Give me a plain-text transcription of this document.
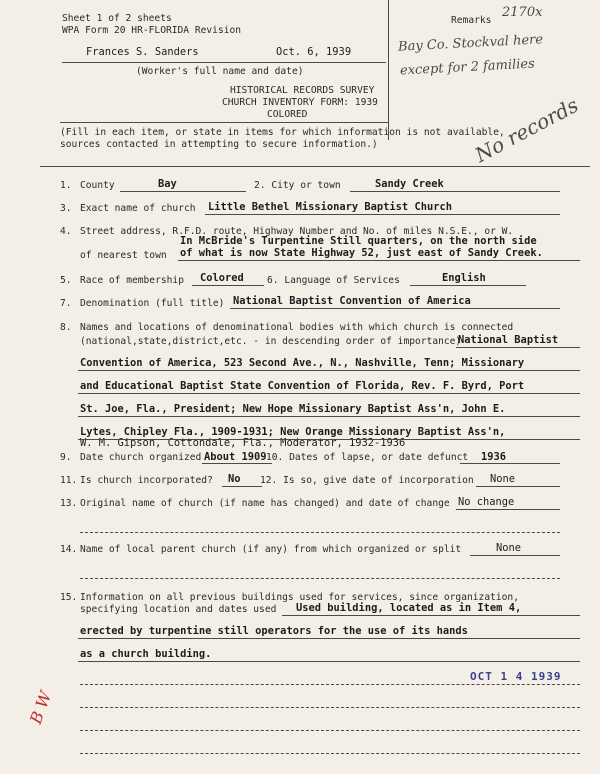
Sheet 1 of 2 sheets
WPA Form 20 HR-FLORIDA Revision
Remarks
2170x
Bay Co. Stockval here
except for 2 families
No records
Frances S. Sanders	Oct. 6, 1939
(Worker's full name and date)
HISTORICAL RECORDS SURVEY
CHURCH INVENTORY FORM: 1939
COLORED
(Fill in each item, or state in items for which information is not available,
sources contacted in attempting to secure information.)
1. County	Bay	2. City or town	Sandy Creek
3. Exact name of church Little Bethel Missionary Baptist Church
4. Street address, R.F.D. route, Highway Number and No. of miles N.S.E., or W.
In McBride's Turpentine Still quarters, on the north side
of nearest town of what is now State Highway 52, just east of Sandy Creek.
5. Race of membership Colored 6. Language of Services	English
7. Denomination (full title) National Baptist Convention of America
8. Names and locations of denominational bodies with which church is connected
(national,state,district,etc. - in descending order of importance)
National Baptist
Convention of America, 523 Second Ave., N., Nashville, Tenn; Missionary
and Educational Baptist State Convention of Florida, Rev. F. Byrd, Port
St. Joe, Fla., President; New Hope Missionary Baptist Ass'n, John E.
Lytes, Chipley Fla., 1909-1931; New Orange Missionary Baptist Ass'n,
W. M. Gipson, Cottondale, Fla., Moderator, 1932-1936
9. Date church organized About 1909 10. Dates of lapse, or date defunct 1936
11. Is church incorporated? No 12. Is so, give date of incorporation None
13. Original name of church (if name has changed) and date of change No change
14. Name of local parent church (if any) from which organized or split	None
15. Information on all previous buildings used for services, since organization,
specifying location and dates used Used building, located as in Item 4,
erected by turpentine still operators for the use of its hands
as a church building.
OCT 1 4 1939
B W
